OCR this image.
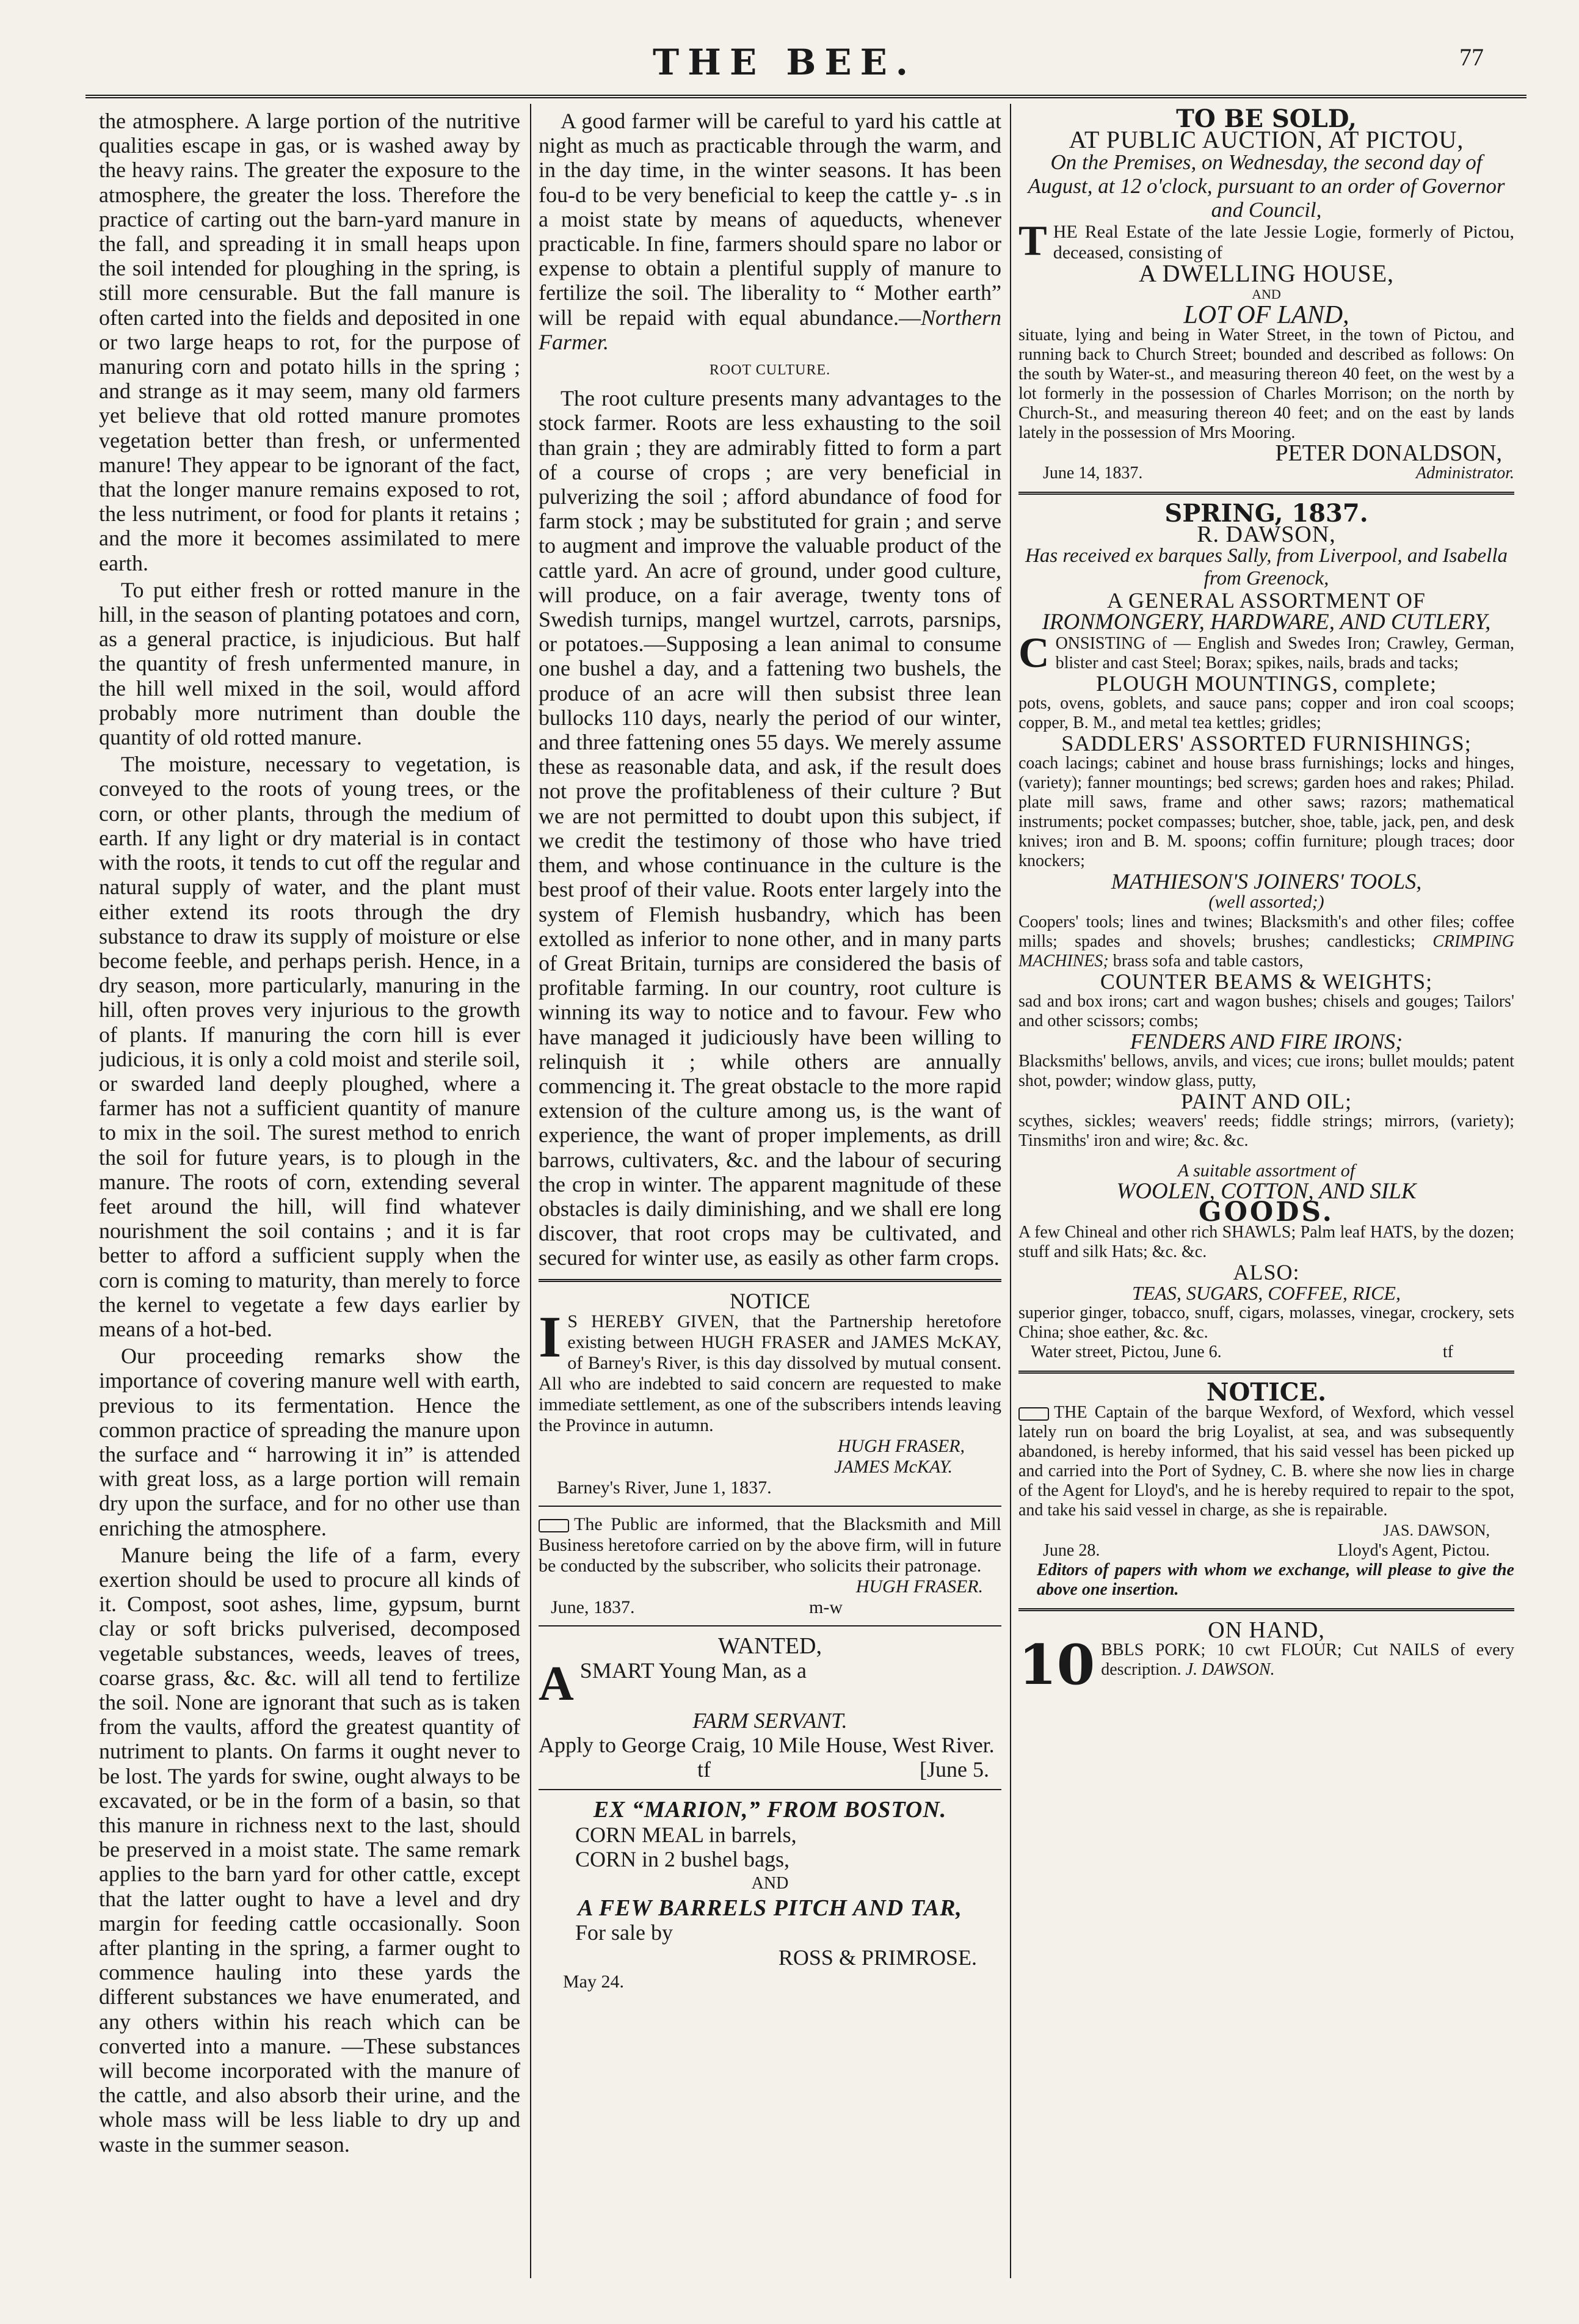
THE BEE.	77

the atmosphere. A large portion of the nutritive qualities escape in gas, or is washed away by the heavy rains. The greater the exposure to the atmosphere, the greater the loss. Therefore the practice of carting out the barn-yard manure in the fall, and spreading it in small heaps upon the soil intended for ploughing in the spring, is still more censurable. But the fall manure is often carted into the fields and deposited in one or two large heaps to rot, for the purpose of manuring corn and potato hills in the spring ; and strange as it may seem, many old farmers yet believe that old rotted manure promotes vegetation better than fresh, or unfermented manure! They appear to be ignorant of the fact, that the longer manure remains exposed to rot, the less nutriment, or food for plants it retains ; and the more it becomes assimilated to mere earth.

To put either fresh or rotted manure in the hill, in the season of planting potatoes and corn, as a general practice, is injudicious. But half the quantity of fresh unfermented manure, in the hill well mixed in the soil, would afford probably more nutriment than double the quantity of old rotted manure.

The moisture, necessary to vegetation, is conveyed to the roots of young trees, or the corn, or other plants, through the medium of earth. If any light or dry material is in contact with the roots, it tends to cut off the regular and natural supply of water, and the plant must either extend its roots through the dry substance to draw its supply of moisture or else become feeble, and perhaps perish. Hence, in a dry season, more particularly, manuring in the hill, often proves very injurious to the growth of plants. If manuring the corn hill is ever judicious, it is only a cold moist and sterile soil, or swarded land deeply ploughed, where a farmer has not a sufficient quantity of manure to mix in the soil. The surest method to enrich the soil for future years, is to plough in the manure. The roots of corn, extending several feet around the hill, will find whatever nourishment the soil contains ; and it is far better to afford a sufficient supply when the corn is coming to maturity, than merely to force the kernel to vegetate a few days earlier by means of a hot-bed.

Our proceeding remarks show the importance of covering manure well with earth, previous to its fermentation. Hence the common practice of spreading the manure upon the surface and “ harrowing it in” is attended with great loss, as a large portion will remain dry upon the surface, and for no other use than enriching the atmosphere.

Manure being the life of a farm, every exertion should be used to procure all kinds of it. Compost, soot ashes, lime, gypsum, burnt clay or soft bricks pulverised, decomposed vegetable substances, weeds, leaves of trees, coarse grass, &c. &c. will all tend to fertilize the soil. None are ignorant that such as is taken from the vaults, afford the greatest quantity of nutriment to plants. On farms it ought never to be lost. The yards for swine, ought always to be excavated, or be in the form of a basin, so that this manure in richness next to the last, should be preserved in a moist state. The same remark applies to the barn yard for other cattle, except that the latter ought to have a level and dry margin for feeding cattle occasionally. Soon after planting in the spring, a farmer ought to commence hauling into these yards the different substances we have enumerated, and any others within his reach which can be converted into a manure. —These substances will become incorporated with the manure of the cattle, and also absorb their urine, and the whole mass will be less liable to dry up and waste in the summer season.

A good farmer will be careful to yard his cattle at night as much as practicable through the warm, and in the day time, in the winter seasons. It has been fou-d to be very beneficial to keep the cattle y- .s in a moist state by means of aqueducts, whenever practicable. In fine, farmers should spare no labor or expense to obtain a plentiful supply of manure to fertilize the soil. The liberality to “ Mother earth” will be repaid with equal abundance.—Northern Farmer.

ROOT CULTURE.

The root culture presents many advantages to the stock farmer. Roots are less exhausting to the soil than grain ; they are admirably fitted to form a part of a course of crops ; are very beneficial in pulverizing the soil ; afford abundance of food for farm stock ; may be substituted for grain ; and serve to augment and improve the valuable product of the cattle yard. An acre of ground, under good culture, will produce, on a fair average, twenty tons of Swedish turnips, mangel wurtzel, carrots, parsnips, or potatoes.—Supposing a lean animal to consume one bushel a day, and a fattening two bushels, the produce of an acre will then subsist three lean bullocks 110 days, nearly the period of our winter, and three fattening ones 55 days. We merely assume these as reasonable data, and ask, if the result does not prove the profitableness of their culture ? But we are not permitted to doubt upon this subject, if we credit the testimony of those who have tried them, and whose continuance in the culture is the best proof of their value. Roots enter largely into the system of Flemish husbandry, which has been extolled as inferior to none other, and in many parts of Great Britain, turnips are considered the basis of profitable farming. In our country, root culture is winning its way to notice and to favour. Few who have managed it judiciously have been willing to relinquish it ; while others are annually commencing it. The great obstacle to the more rapid extension of the culture among us, is the want of experience, the want of proper implements, as drill barrows, cultivaters, &c. and the labour of securing the crop in winter. The apparent magnitude of these obstacles is daily diminishing, and we shall ere long discover, that root crops may be cultivated, and secured for winter use, as easily as other farm crops.

NOTICE
I S HEREBY GIVEN, that the Partnership heretofore existing between HUGH FRASER and JAMES McKAY, of Barney's River, is this day dissolved by mutual consent. All who are indebted to said concern are requested to make immediate settlement, as one of the subscribers intends leaving the Province in autumn.
HUGH FRASER,
JAMES McKAY.
Barney's River, June 1, 1837.
The Public are informed, that the Blacksmith and Mill Business heretofore carried on by the above firm, will in future be conducted by the subscriber, who solicits their patronage.
HUGH FRASER.
June, 1837.	m-w
WANTED,
ASMART Young Man, as a
FARM SERVANT.
Apply to George Craig, 10 Mile House, West River.
tf	[June 5.
EX “MARION,” FROM BOSTON.
CORN MEAL in barrels,
CORN in 2 bushel bags,
AND
A FEW BARRELS PITCH AND TAR,
For sale by
ROSS & PRIMROSE.
May 24.
TO BE SOLD,
AT PUBLIC AUCTION, AT PICTOU,
On the Premises, on Wednesday, the second day of August, at 12 o'clock, pursuant to an order of Governor and Council,
THE Real Estate of the late Jessie Logie, formerly of Pictou, deceased, consisting of
A DWELLING HOUSE,
AND
LOT OF LAND,
situate, lying and being in Water Street, in the town of Pictou, and running back to Church Street; bounded and described as follows: On the south by Water-st., and measuring thereon 40 feet, on the west by a lot formerly in the possession of Charles Morrison; on the north by Church-St., and measuring thereon 40 feet; and on the east by lands lately in the possession of Mrs Mooring.
PETER DONALDSON,
June 14, 1837.	Administrator.
SPRING, 1837.
R. DAWSON,
Has received ex barques Sally, from Liverpool, and Isabella from Greenock,
A GENERAL ASSORTMENT OF
IRONMONGERY, HARDWARE, AND CUTLERY,
CONSISTING of — English and Swedes Iron; Crawley, German, blister and cast Steel; Borax; spikes, nails, brads and tacks;
PLOUGH MOUNTINGS, complete;
pots, ovens, goblets, and sauce pans; copper and iron coal scoops; copper, B. M., and metal tea kettles; gridles;
SADDLERS' ASSORTED FURNISHINGS;
coach lacings; cabinet and house brass furnishings; locks and hinges, (variety); fanner mountings; bed screws; garden hoes and rakes; Philad. plate mill saws, frame and other saws; razors; mathematical instruments; pocket compasses; butcher, shoe, table, jack, pen, and desk knives; iron and B. M. spoons; coffin furniture; plough traces; door knockers;
MATHIESON'S JOINERS' TOOLS,
(well assorted;)
Coopers' tools; lines and twines; Blacksmith's and other files; coffee mills; spades and shovels; brushes; candlesticks; CRIMPING MACHINES; brass sofa and table castors,
COUNTER BEAMS & WEIGHTS;
sad and box irons; cart and wagon bushes; chisels and gouges; Tailors' and other scissors; combs;
FENDERS AND FIRE IRONS;
Blacksmiths' bellows, anvils, and vices; cue irons; bullet moulds; patent shot, powder; window glass, putty,
PAINT AND OIL;
scythes, sickles; weavers' reeds; fiddle strings; mirrors, (variety); Tinsmiths' iron and wire; &c. &c.
A suitable assortment of
WOOLEN, COTTON, AND SILK
GOODS.
A few Chineal and other rich SHAWLS; Palm leaf HATS, by the dozen; stuff and silk Hats; &c. &c.
ALSO:
TEAS, SUGARS, COFFEE, RICE,
superior ginger, tobacco, snuff, cigars, molasses, vinegar, crockery, sets China; shoe eather, &c. &c.
Water street, Pictou, June 6.	tf
NOTICE.
THE Captain of the barque Wexford, of Wexford, which vessel lately run on board the brig Loyalist, at sea, and was subsequently abandoned, is hereby informed, that his said vessel has been picked up and carried into the Port of Sydney, C. B. where she now lies in charge of the Agent for Lloyd's, and he is hereby required to repair to the spot, and take his said vessel in charge, as she is repairable.
JAS. DAWSON,
June 28.	Lloyd's Agent, Pictou.
Editors of papers with whom we exchange, will please to give the above one insertion.
ON HAND,
10 BBLS PORK; 10 cwt FLOUR; Cut NAILS of every description. J. DAWSON.
